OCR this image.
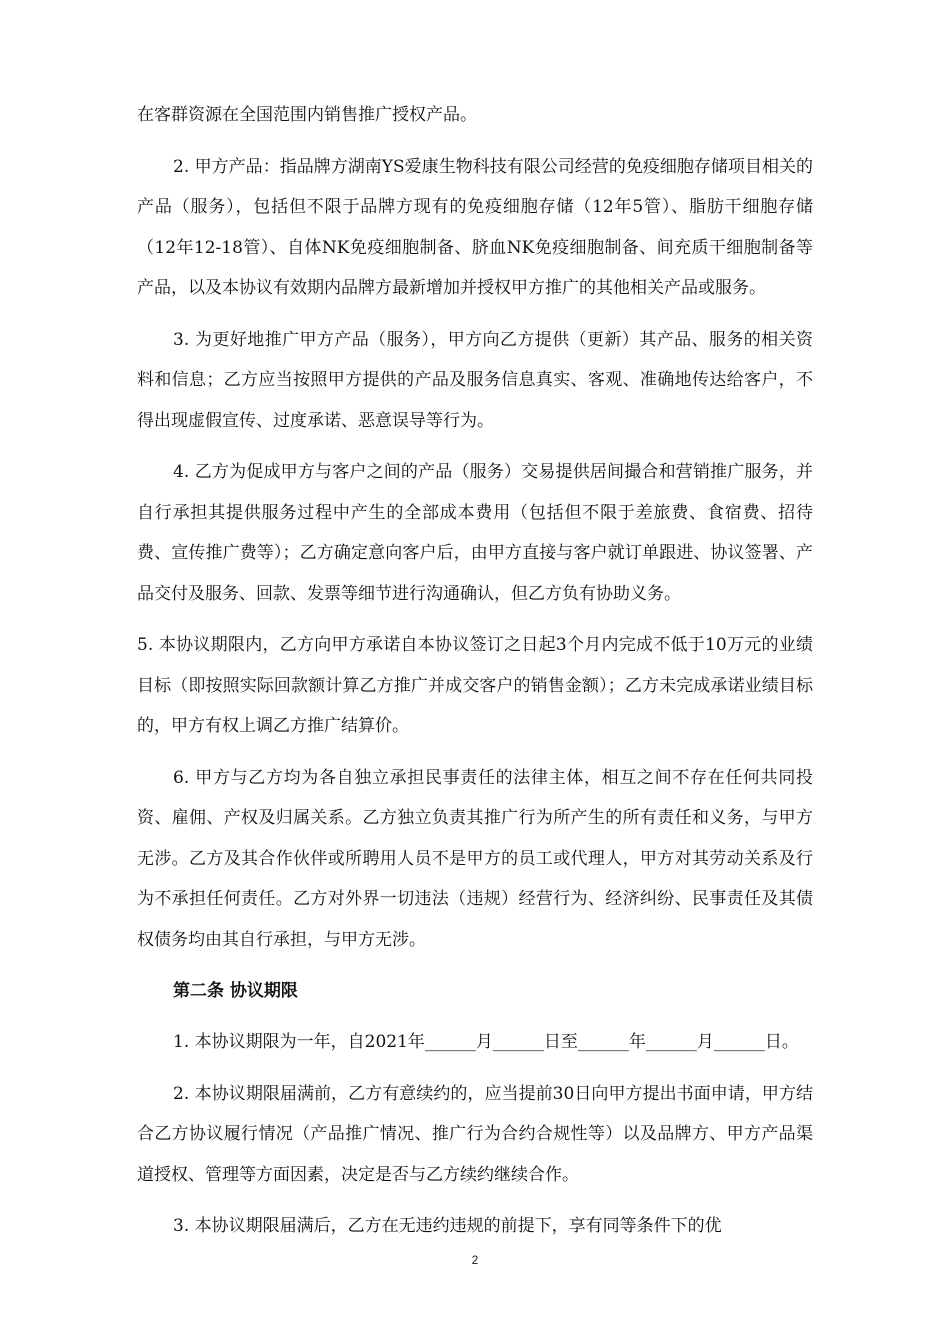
在客群资源在全国范围内销售推广授权产品。

2. 甲方产品：指品牌方湖南YS爱康生物科技有限公司经营的免疫细胞存储项目相关的产品（服务），包括但不限于品牌方现有的免疫细胞存储（12年5管）、脂肪干细胞存储（12年12-18管）、自体NK免疫细胞制备、脐血NK免疫细胞制备、间充质干细胞制备等产品，以及本协议有效期内品牌方最新增加并授权甲方推广的其他相关产品或服务。

3. 为更好地推广甲方产品（服务），甲方向乙方提供（更新）其产品、服务的相关资料和信息；乙方应当按照甲方提供的产品及服务信息真实、客观、准确地传达给客户，不得出现虚假宣传、过度承诺、恶意误导等行为。

4. 乙方为促成甲方与客户之间的产品（服务）交易提供居间撮合和营销推广服务，并自行承担其提供服务过程中产生的全部成本费用（包括但不限于差旅费、食宿费、招待费、宣传推广费等）；乙方确定意向客户后，由甲方直接与客户就订单跟进、协议签署、产品交付及服务、回款、发票等细节进行沟通确认，但乙方负有协助义务。

5. 本协议期限内，乙方向甲方承诺自本协议签订之日起3个月内完成不低于10万元的业绩目标（即按照实际回款额计算乙方推广并成交客户的销售金额）；乙方未完成承诺业绩目标的，甲方有权上调乙方推广结算价。

6. 甲方与乙方均为各自独立承担民事责任的法律主体，相互之间不存在任何共同投资、雇佣、产权及归属关系。乙方独立负责其推广行为所产生的所有责任和义务，与甲方无涉。乙方及其合作伙伴或所聘用人员不是甲方的员工或代理人，甲方对其劳动关系及行为不承担任何责任。乙方对外界一切违法（违规）经营行为、经济纠纷、民事责任及其债权债务均由其自行承担，与甲方无涉。

第二条 协议期限

1. 本协议期限为一年，自2021年______月______日至______年______月______日。

2. 本协议期限届满前，乙方有意续约的，应当提前30日向甲方提出书面申请，甲方结合乙方协议履行情况（产品推广情况、推广行为合约合规性等）以及品牌方、甲方产品渠道授权、管理等方面因素，决定是否与乙方续约继续合作。

3. 本协议期限届满后，乙方在无违约违规的前提下，享有同等条件下的优

2
